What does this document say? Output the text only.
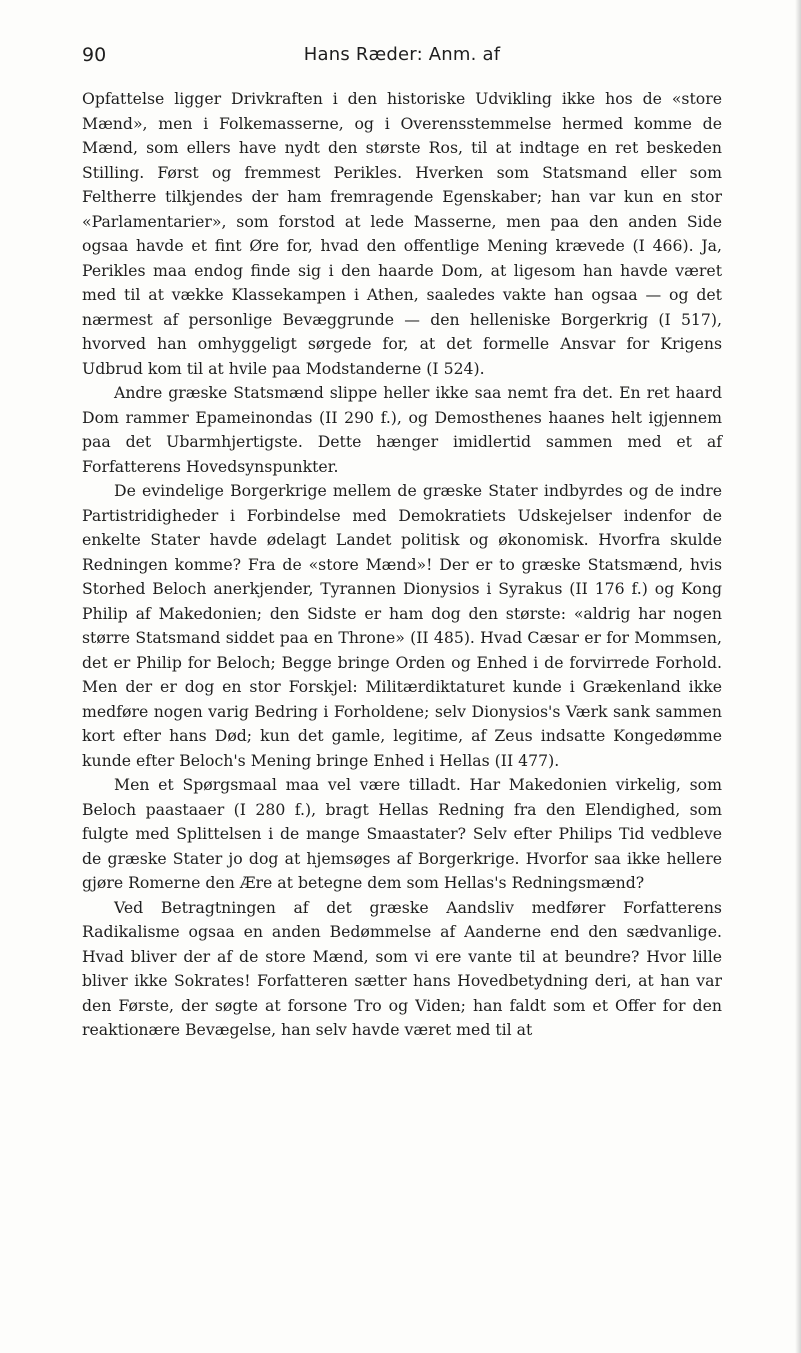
90	Hans Ræder: Anm. af

Opfattelse ligger Drivkraften i den historiske Udvikling ikke hos de «store Mænd», men i Folkemasserne, og i Overensstemmelse hermed komme de Mænd, som ellers have nydt den største Ros, til at indtage en ret beskeden Stilling. Først og fremmest Perikles. Hverken som Statsmand eller som Feltherre tilkjendes der ham fremragende Egenskaber; han var kun en stor «Parlamentarier», som forstod at lede Masserne, men paa den anden Side ogsaa havde et fint Øre for, hvad den offentlige Mening krævede (I 466). Ja, Perikles maa endog finde sig i den haarde Dom, at ligesom han havde været med til at vække Klassekampen i Athen, saaledes vakte han ogsaa — og det nærmest af personlige Bevæggrunde — den helleniske Borgerkrig (I 517), hvorved han omhyggeligt sørgede for, at det formelle Ansvar for Krigens Udbrud kom til at hvile paa Modstanderne (I 524).

Andre græske Statsmænd slippe heller ikke saa nemt fra det. En ret haard Dom rammer Epameinondas (II 290 f.), og Demosthenes haanes helt igjennem paa det Ubarmhjertigste. Dette hænger imidlertid sammen med et af Forfatterens Hovedsynspunkter.

De evindelige Borgerkrige mellem de græske Stater indbyrdes og de indre Partistridigheder i Forbindelse med Demokratiets Udskejelser indenfor de enkelte Stater havde ødelagt Landet politisk og økonomisk. Hvorfra skulde Redningen komme? Fra de «store Mænd»! Der er to græske Statsmænd, hvis Storhed Beloch anerkjender, Tyrannen Dionysios i Syrakus (II 176 f.) og Kong Philip af Makedonien; den Sidste er ham dog den største: «aldrig har nogen større Statsmand siddet paa en Throne» (II 485). Hvad Cæsar er for Mommsen, det er Philip for Beloch; Begge bringe Orden og Enhed i de forvirrede Forhold. Men der er dog en stor Forskjel: Militærdiktaturet kunde i Grækenland ikke medføre nogen varig Bedring i Forholdene; selv Dionysios's Værk sank sammen kort efter hans Død; kun det gamle, legitime, af Zeus indsatte Kongedømme kunde efter Beloch's Mening bringe Enhed i Hellas (II 477).

Men et Spørgsmaal maa vel være tilladt. Har Makedonien virkelig, som Beloch paastaaer (I 280 f.), bragt Hellas Redning fra den Elendighed, som fulgte med Splittelsen i de mange Smaastater? Selv efter Philips Tid vedbleve de græske Stater jo dog at hjemsøges af Borgerkrige. Hvorfor saa ikke hellere gjøre Romerne den Ære at betegne dem som Hellas's Redningsmænd?

Ved Betragtningen af det græske Aandsliv medfører Forfatterens Radikalisme ogsaa en anden Bedømmelse af Aanderne end den sædvanlige. Hvad bliver der af de store Mænd, som vi ere vante til at beundre? Hvor lille bliver ikke Sokrates! Forfatteren sætter hans Hovedbetydning deri, at han var den Første, der søgte at forsone Tro og Viden; han faldt som et Offer for den reaktionære Bevægelse, han selv havde været med til at
